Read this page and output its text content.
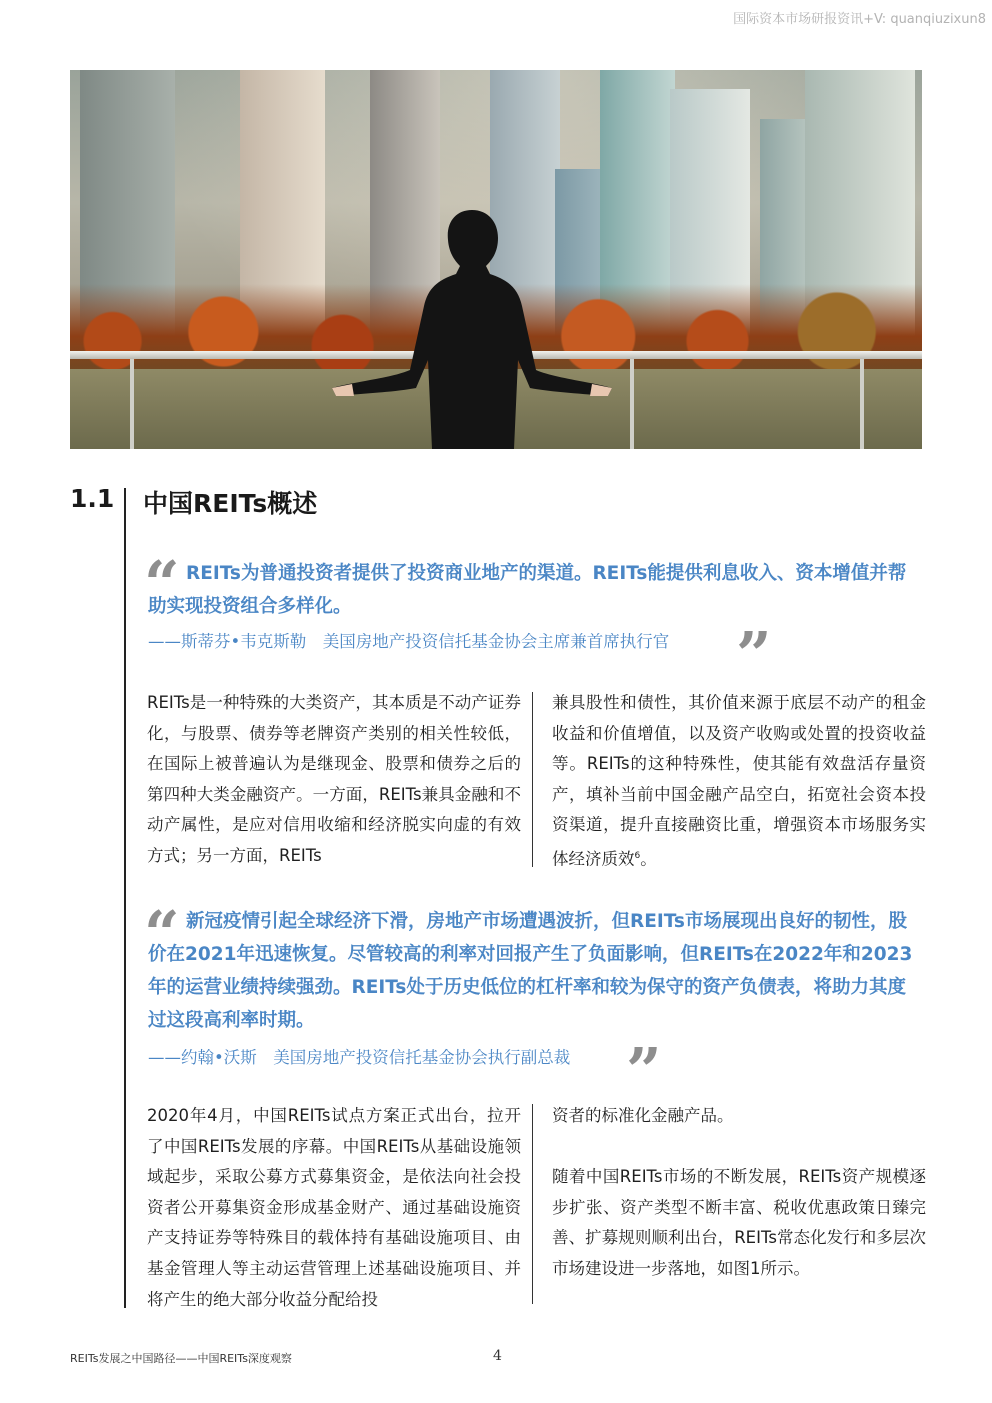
国际资本市场研报资讯+V: quanqiuzixun8
1.1 中国REITs概述
“ REITs为普通投资者提供了投资商业地产的渠道。REITs能提供利息收入、资本增值并帮助实现投资组合多样化。

——斯蒂芬•韦克斯勒　美国房地产投资信托基金协会主席兼首席执行官 ”

REITs是一种特殊的大类资产，其本质是不动产证券化，与股票、债券等老牌资产类别的相关性较低，在国际上被普遍认为是继现金、股票和债券之后的第四种大类金融资产。一方面，REITs兼具金融和不动产属性，是应对信用收缩和经济脱实向虚的有效方式；另一方面，REITs

兼具股性和债性，其价值来源于底层不动产的租金收益和价值增值，以及资产收购或处置的投资收益等。REITs的这种特殊性，使其能有效盘活存量资产，填补当前中国金融产品空白，拓宽社会资本投资渠道，提升直接融资比重，增强资本市场服务实体经济质效$^6$。

“ 新冠疫情引起全球经济下滑，房地产市场遭遇波折，但REITs市场展现出良好的韧性，股价在2021年迅速恢复。尽管较高的利率对回报产生了负面影响，但REITs在2022年和2023年的运营业绩持续强劲。REITs处于历史低位的杠杆率和较为保守的资产负债表，将助力其度过这段高利率时期。

——约翰•沃斯　美国房地产投资信托基金协会执行副总裁 ”

2020年4月，中国REITs试点方案正式出台，拉开了中国REITs发展的序幕。中国REITs从基础设施领域起步，采取公募方式募集资金，是依法向社会投资者公开募集资金形成基金财产、通过基础设施资产支持证券等特殊目的载体持有基础设施项目、由基金管理人等主动运营管理上述基础设施项目、并将产生的绝大部分收益分配给投

资者的标准化金融产品。

随着中国REITs市场的不断发展，REITs资产规模逐步扩张、资产类型不断丰富、税收优惠政策日臻完善、扩募规则顺利出台，REITs常态化发行和多层次市场建设进一步落地，如图1所示。

REITs发展之中国路径——中国REITs深度观察	4
